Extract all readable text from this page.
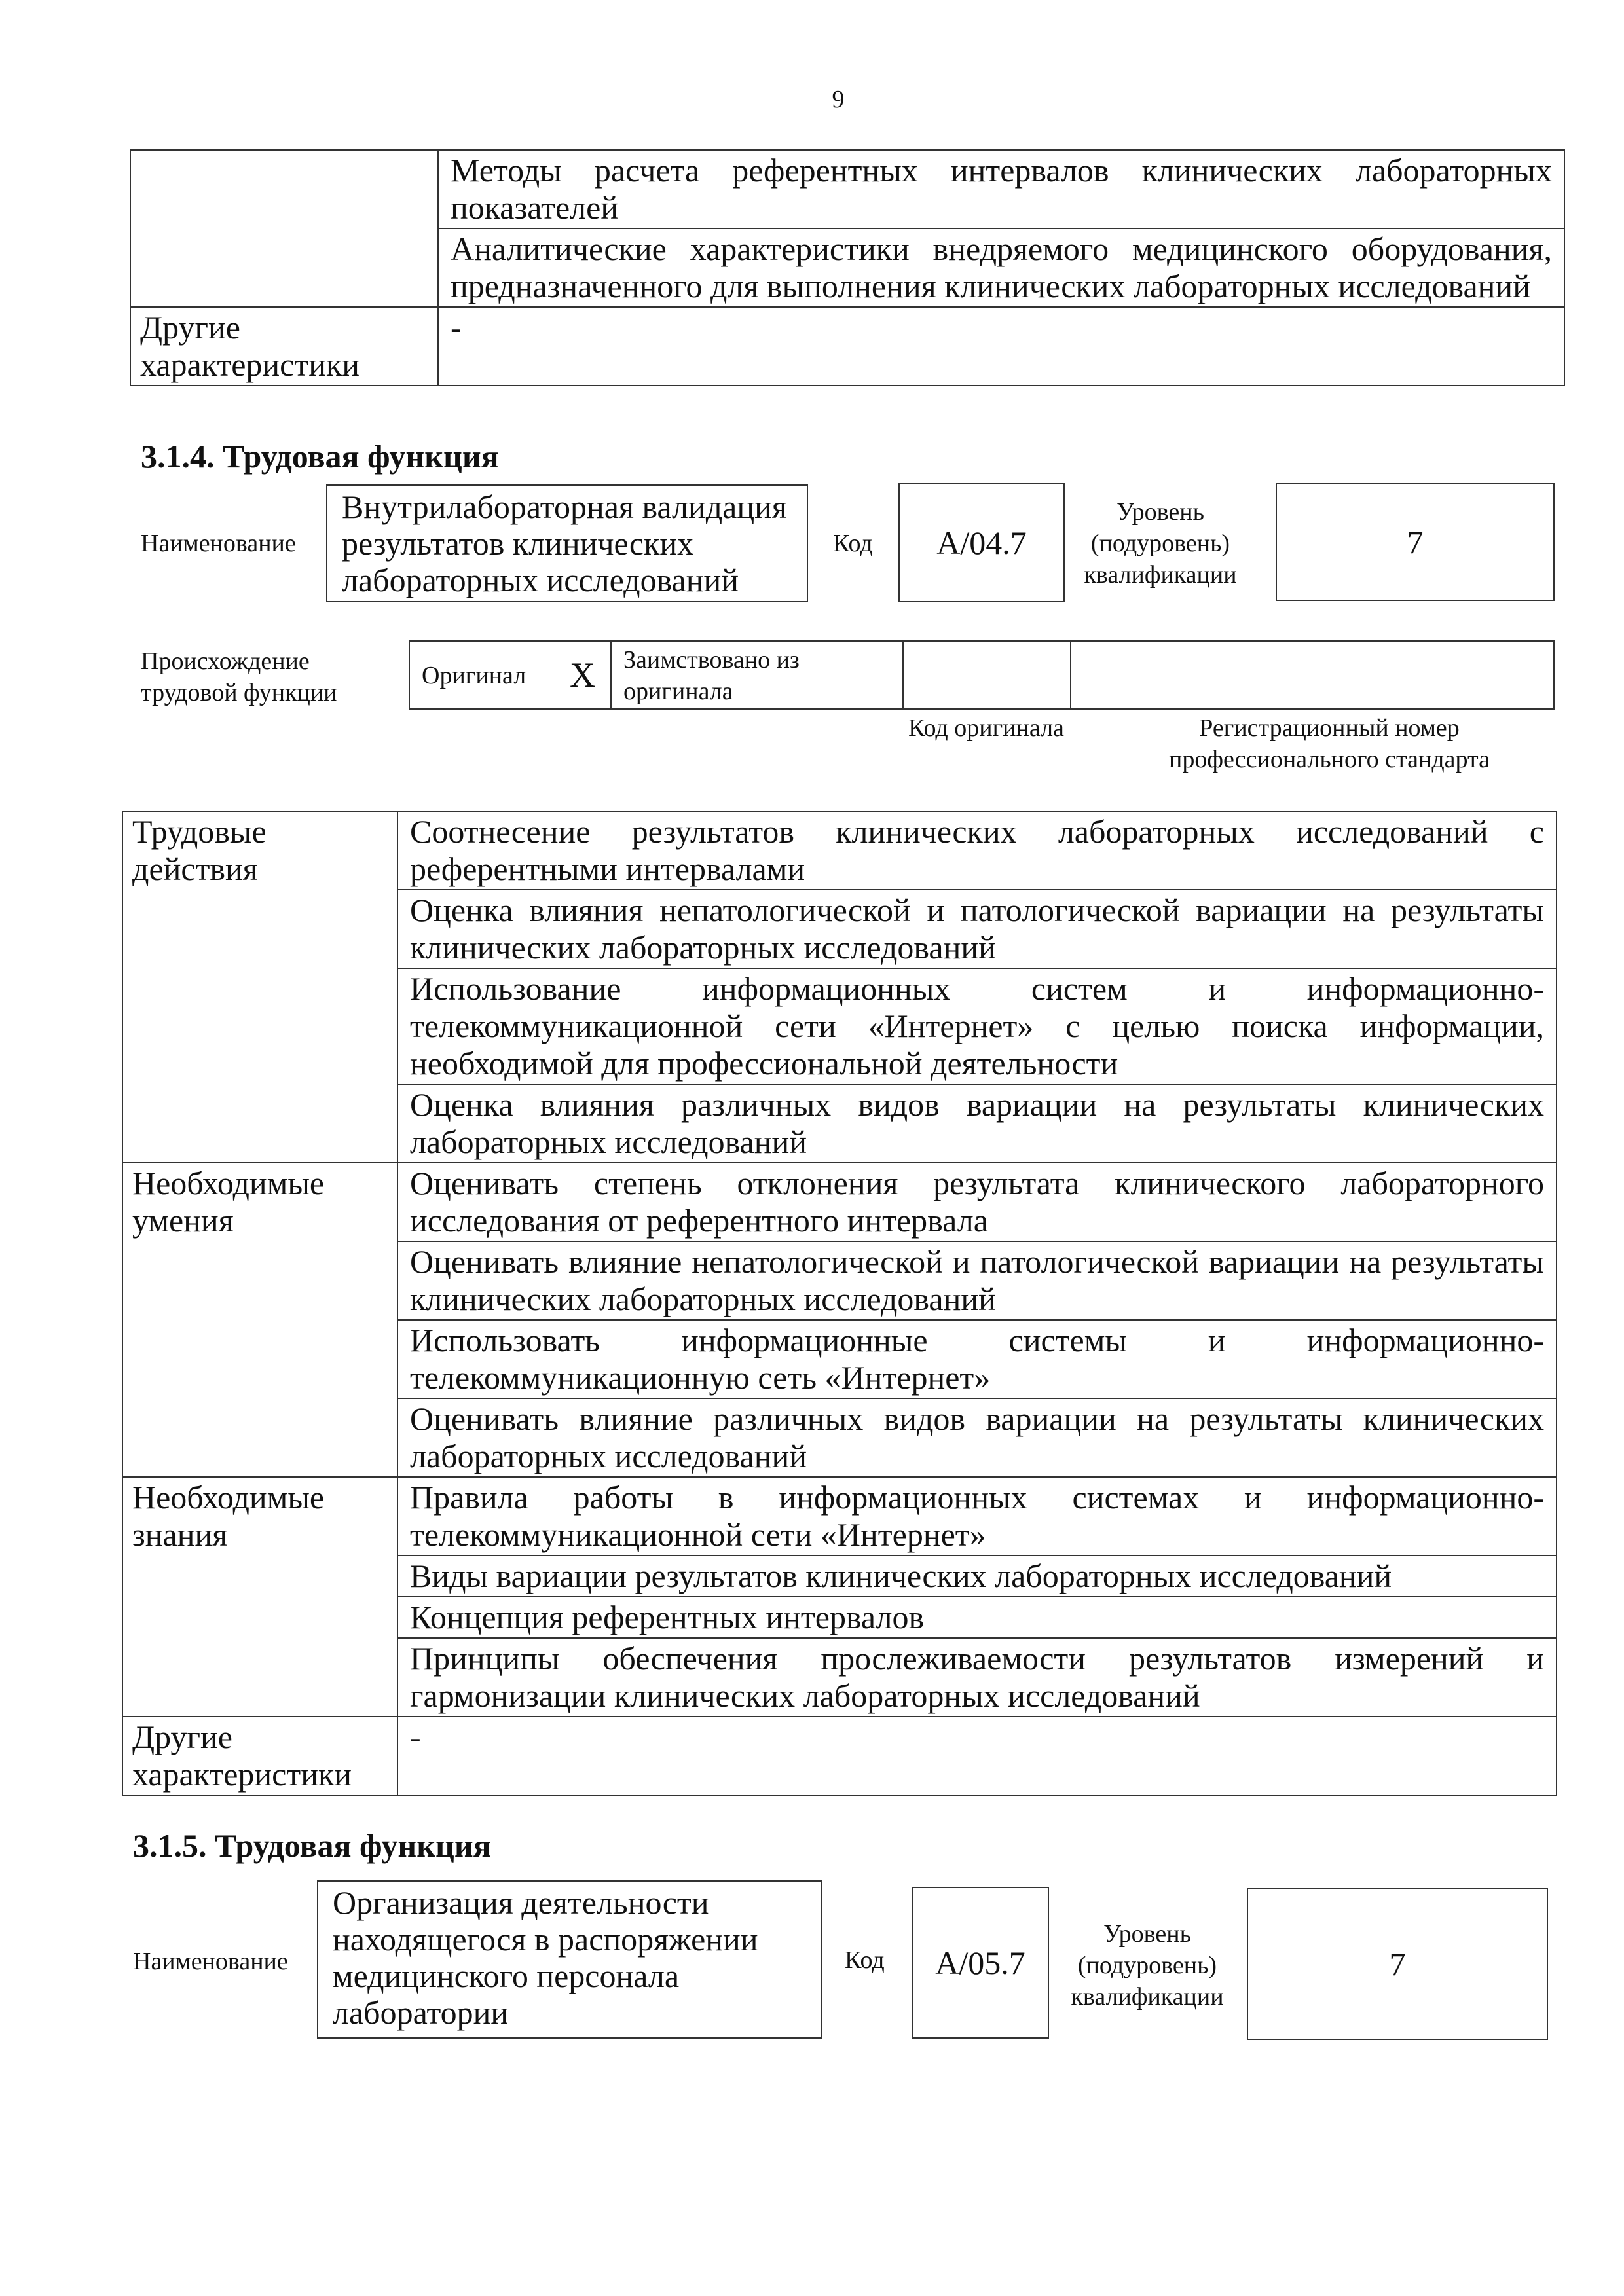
9
	Методы расчета референтных интервалов клинических лабораторных показателей
	Аналитические характеристики внедряемого медицинского оборудования, предназначенного для выполнения клинических лабораторных исследований
Другие характеристики	-
3.1.4. Трудовая функция
Наименование
Внутрилабораторная валидация результатов клинических лабораторных исследований
Код	А/04.7
Уровень (подуровень) квалификации
7
Происхождение трудовой функции
Оригинал X Заимствовано из оригинала
Код оригинала	Регистрационный номер профессионального стандарта
Трудовые действия	Соотнесение результатов клинических лабораторных исследований с референтными интервалами
	Оценка влияния непатологической и патологической вариации на результаты клинических лабораторных исследований
	Использование информационных систем и информационно-телекоммуникационной сети «Интернет» с целью поиска информации, необходимой для профессиональной деятельности
	Оценка влияния различных видов вариации на результаты клинических лабораторных исследований
Необходимые умения	Оценивать степень отклонения результата клинического лабораторного исследования от референтного интервала
	Оценивать влияние непатологической и патологической вариации на результаты клинических лабораторных исследований
	Использовать информационные системы и информационно-телекоммуникационную сеть «Интернет»
	Оценивать влияние различных видов вариации на результаты клинических лабораторных исследований
Необходимые знания	Правила работы в информационных системах и информационно-телекоммуникационной сети «Интернет»
	Виды вариации результатов клинических лабораторных исследований
	Концепция референтных интервалов
	Принципы обеспечения прослеживаемости результатов измерений и гармонизации клинических лабораторных исследований
Другие характеристики	-
3.1.5. Трудовая функция
Наименование
Организация деятельности находящегося в распоряжении медицинского персонала лаборатории
Код	А/05.7
Уровень (подуровень) квалификации
7
